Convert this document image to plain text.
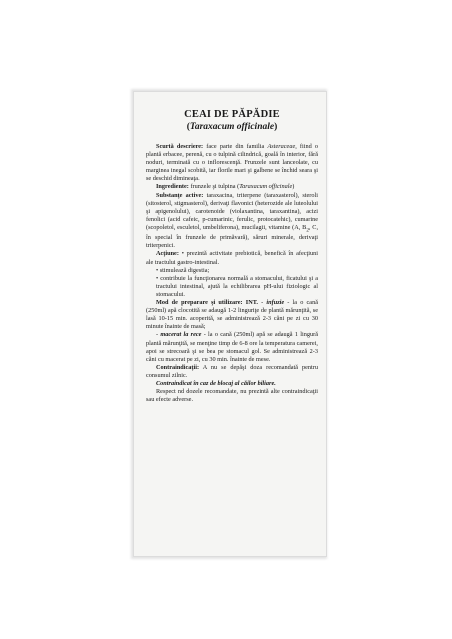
CEAI DE PĂPĂDIE
(Taraxacum officinale)

Scurtă descriere: face parte din familia Asteraceae, fiind o plantă erbacee, perenă, cu o tulpină cilindrică, goală în interior, fără noduri, terminată cu o inflorescenţă. Frunzele sunt lanceolate, cu marginea inegal scobită, iar florile mari şi galbene se închid seara şi se deschid dimineaţa.

Ingrediente: frunzele şi tulpina (Taraxacum officinale)

Substanţe active: taraxacina, triterpene (taraxasterol), steroli (sitosterol, stigmasterol), derivaţi flavonici (heterozide ale luteolului şi apigenolului), carotenoide (violaxantina, taraxantina), acizi fenolici (acid cafeic, p-cumarinic, ferulic, protocatehic), cumarine (scopoletol, esculetol, umbeliferona), mucilagii, vitamine (A, $B_2$, C, în special în frunzele de primăvară), săruri minerale, derivaţi triterpenici.

Acţiune: • prezintă activitate prebiotică, benefică în afecţiuni ale tractului gastro-intestinal.

• stimulează digestia;

• contribuie la funcţionarea normală a stomacului, ficatului şi a tractului intestinal, ajută la echilibrarea pH-ului fiziologic al stomacului.

Mod de preparare şi utilizare: INT. - infuzie - la o cană (250ml) apă clocotită se adaugă 1-2 linguriţe de plantă mărunţită, se lasă 10-15 min. acoperită, se administrează 2-3 căni pe zi cu 30 minute înainte de masă;

- macerat la rece - la o cană (250ml) apă se adaugă 1 lingură plantă mărunţită, se menţine timp de 6-8 ore la temperatura camerei, apoi se strecoară şi se bea pe stomacul gol. Se administrează 2-3 căni cu macerat pe zi, cu 30 min. înainte de mese.

Contraindicaţii: A nu se depăşi doza recomandată pentru consumul zilnic.

Contraindicat în caz de blocaj al căilor biliare.

Respect nd dozele recomandate, nu prezintă alte contraindicaţii sau efecte adverse.
